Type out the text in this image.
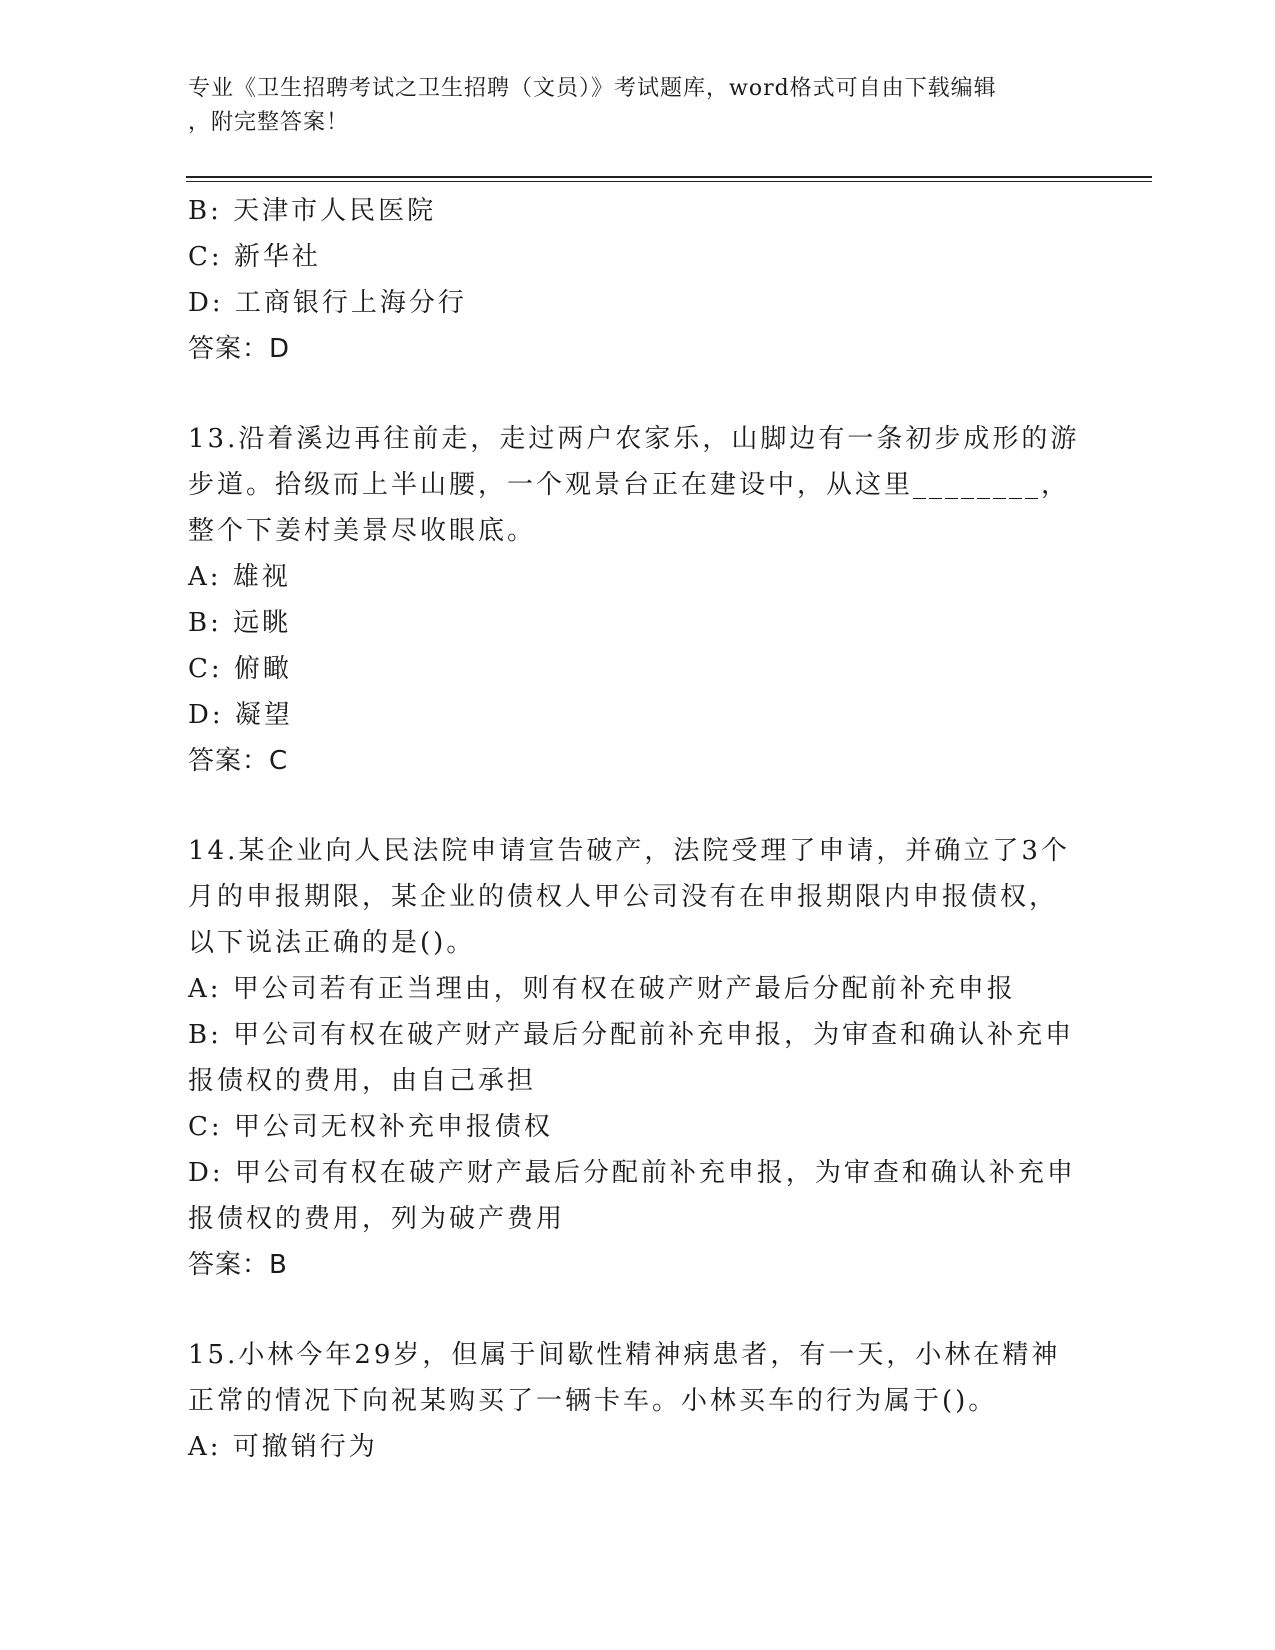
专业《卫生招聘考试之卫生招聘（文员）》考试题库，word格式可自由下载编辑
，附完整答案！
B: 天津市人民医院
C: 新华社
D: 工商银行上海分行
答案：D
13.沿着溪边再往前走，走过两户农家乐，山脚边有一条初步成形的游
步道。拾级而上半山腰，一个观景台正在建设中，从这里________，
整个下姜村美景尽收眼底。
A: 雄视
B: 远眺
C: 俯瞰
D: 凝望
答案：C
14.某企业向人民法院申请宣告破产，法院受理了申请，并确立了3个
月的申报期限，某企业的债权人甲公司没有在申报期限内申报债权，
以下说法正确的是()。
A: 甲公司若有正当理由，则有权在破产财产最后分配前补充申报
B: 甲公司有权在破产财产最后分配前补充申报，为审查和确认补充申
报债权的费用，由自己承担
C: 甲公司无权补充申报债权
D: 甲公司有权在破产财产最后分配前补充申报，为审查和确认补充申
报债权的费用，列为破产费用
答案：B
15.小林今年29岁，但属于间歇性精神病患者，有一天，小林在精神
正常的情况下向祝某购买了一辆卡车。小林买车的行为属于()。
A: 可撤销行为
